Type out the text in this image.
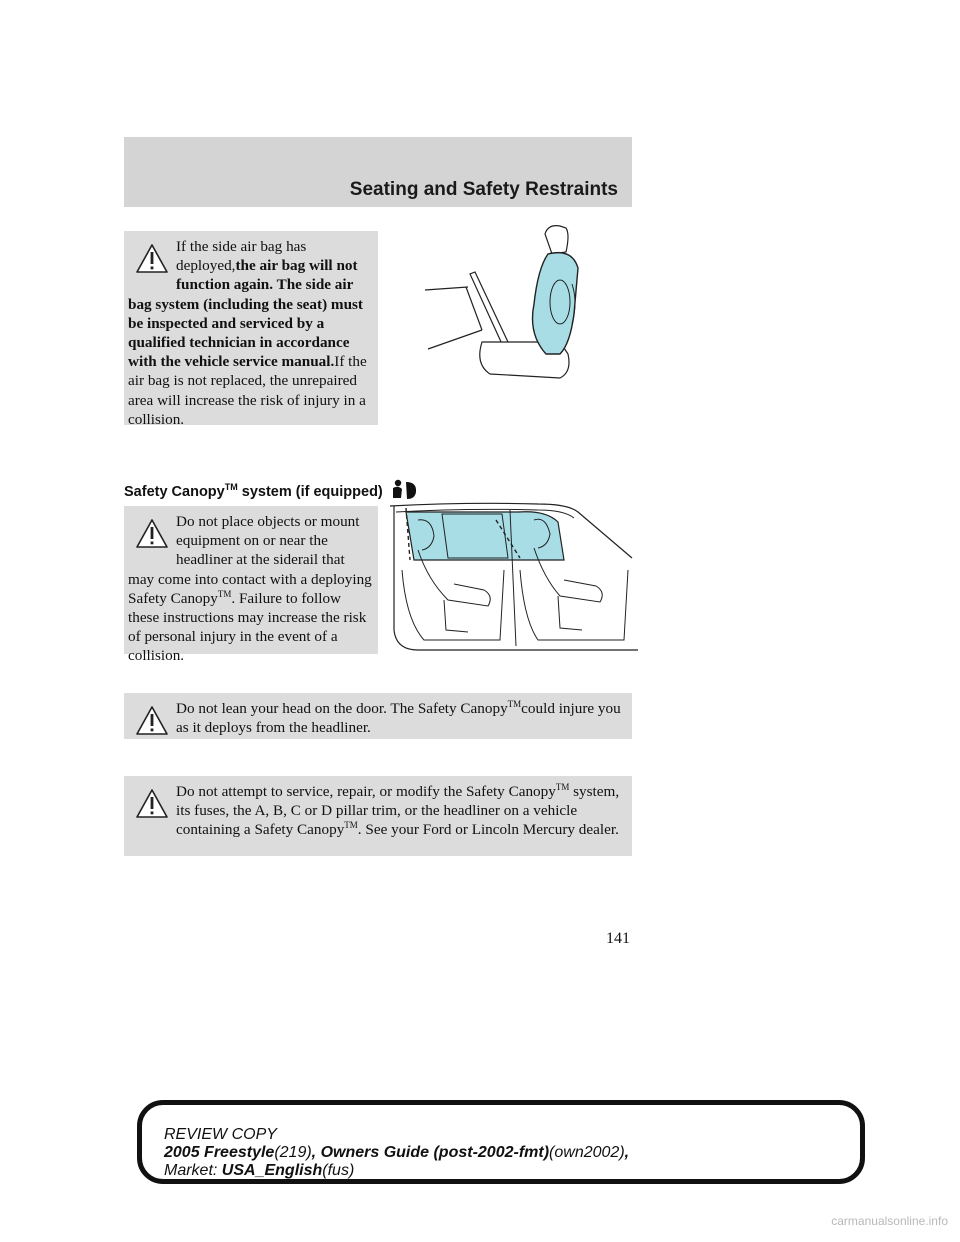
Seating and Safety Restraints

If the side air bag has deployed,the air bag will not function again. The side air bag system (including the seat) must be inspected and serviced by a qualified technician in accordance with the vehicle service manual.If the air bag is not replaced, the unrepaired area will increase the risk of injury in a collision.

Safety Canopy™ system (if equipped)

Do not place objects or mount equipment on or near the headliner at the siderail that may come into contact with a deploying Safety Canopy™. Failure to follow these instructions may increase the risk of personal injury in the event of a collision.

Do not lean your head on the door. The Safety Canopy™could injure you as it deploys from the headliner.

Do not attempt to service, repair, or modify the Safety Canopy™ system, its fuses, the A, B, C or D pillar trim, or the headliner on a vehicle containing a Safety Canopy™. See your Ford or Lincoln Mercury dealer.

141
REVIEW COPY
2005 Freestyle(219), Owners Guide (post-2002-fmt)(own2002),
Market: USA_English(fus)
carmanualsonline.info
